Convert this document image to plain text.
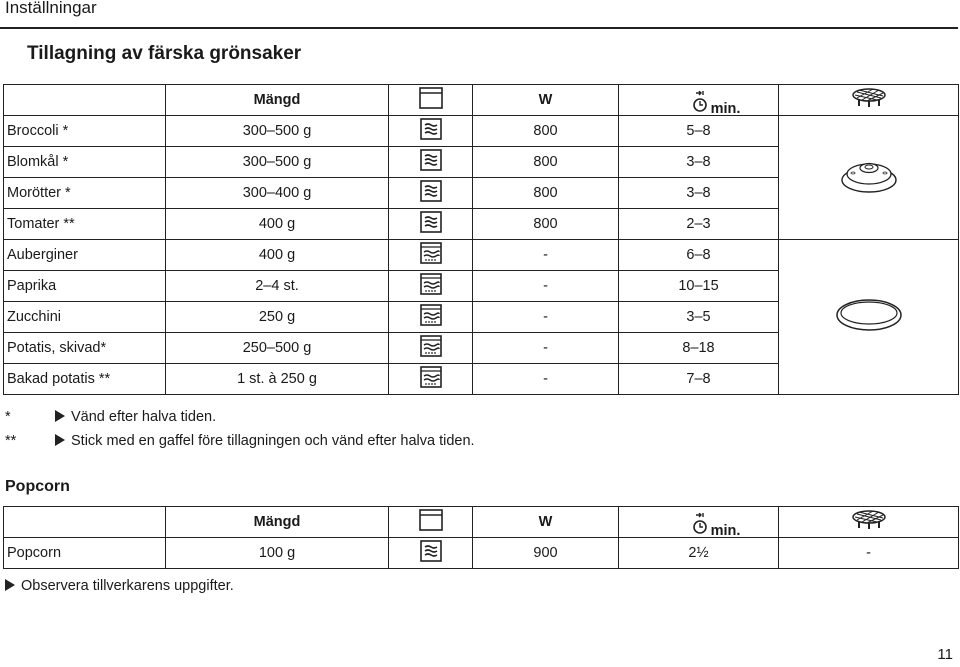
Inställningar
Tillagning av färska grönsaker
	Mängd		W	min.	
Broccoli *	300–500 g		800	5–8	
Blomkål *	300–500 g		800	3–8	
Morötter *	300–400 g		800	3–8	
Tomater **	400 g		800	2–3	
Auberginer	400 g		-	6–8	
Paprika	2–4 st.		-	10–15	
Zucchini	250 g		-	3–5	
Potatis, skivad*	250–500 g		-	8–18	
Bakad potatis **	1 st. à 250 g		-	7–8	
*	Vänd efter halva tiden.
**	Stick med en gaffel före tillagningen och vänd efter halva tiden.
Popcorn
	Mängd		W	min.	
Popcorn	100 g		900	2½	-
Observera tillverkarens uppgifter.
11
